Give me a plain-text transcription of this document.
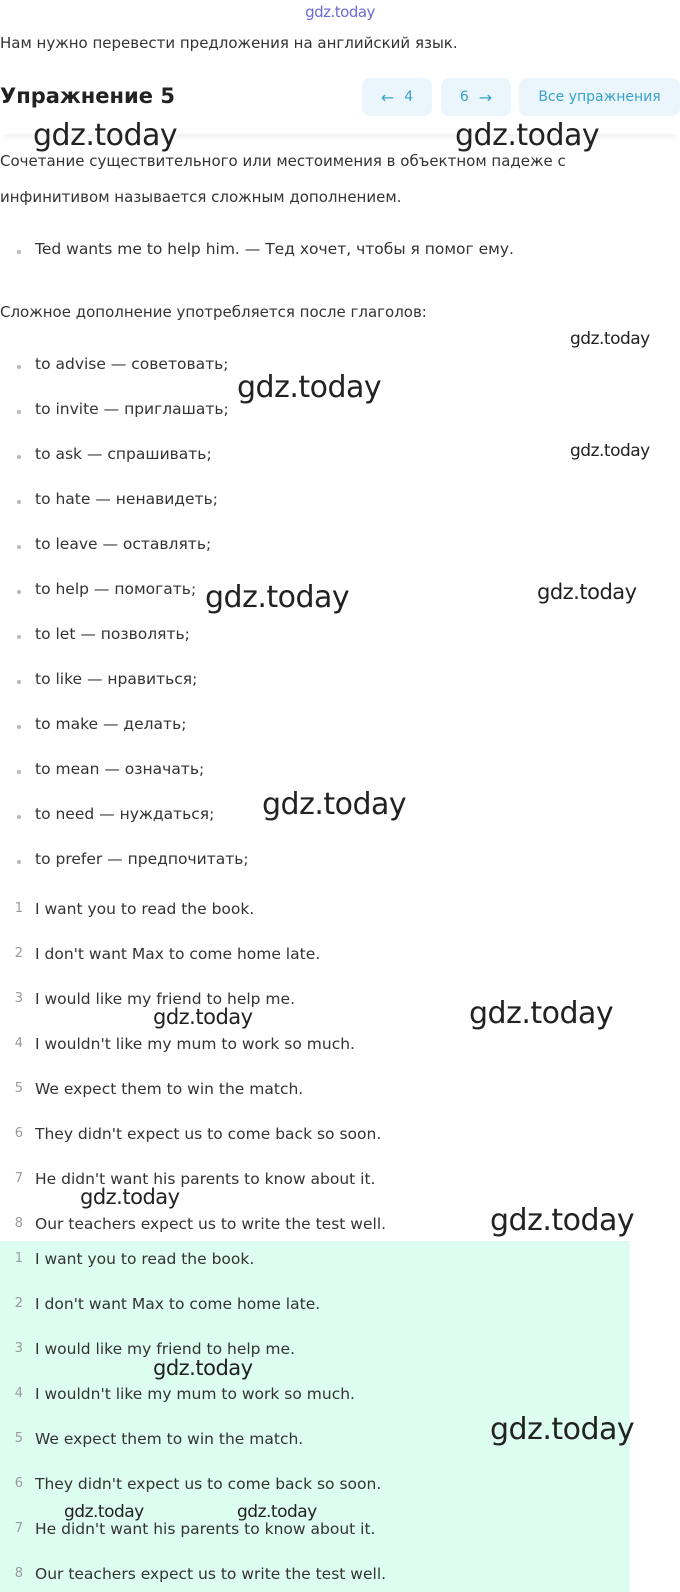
gdz.today
Нам нужно перевести предложения на английский язык.
Упражнение 5	← 4	6 →	Все упражнения
Сочетание существительного или местоимения в объектном падеже с
инфинитивом называется сложным дополнением.
Ted wants me to help him. — Тед хочет, чтобы я помог ему.
Сложное дополнение употребляется после глаголов:
to advise — советовать;
to invite — приглашать;
to ask — спрашивать;
to hate — ненавидеть;
to leave — оставлять;
to help — помогать;
to let — позволять;
to like — нравиться;
to make — делать;
to mean — означать;
to need — нуждаться;
to prefer — предпочитать;
1 I want you to read the book.
2 I don't want Max to come home late.
3 I would like my friend to help me.
4 I wouldn't like my mum to work so much.
5 We expect them to win the match.
6 They didn't expect us to come back so soon.
7 He didn't want his parents to know about it.
8 Our teachers expect us to write the test well.
1 I want you to read the book.
2 I don't want Max to come home late.
3 I would like my friend to help me.
4 I wouldn't like my mum to work so much.
5 We expect them to win the match.
6 They didn't expect us to come back so soon.
7 He didn't want his parents to know about it.
8 Our teachers expect us to write the test well.
gdz.today	gdz.today
gdz.today
gdz.today
gdz.today
gdz.today	gdz.today
gdz.today
gdz.today	gdz.today
gdz.today
gdz.today
gdz.today
gdz.today
gdz.today	gdz.today
